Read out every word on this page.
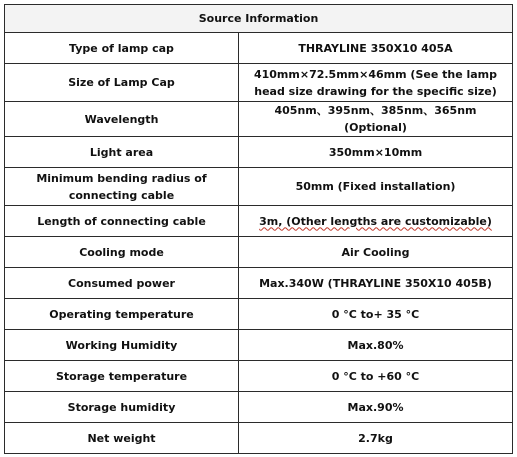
Source Information	
Type of lamp cap	THRAYLINE 350X10 405A
Size of Lamp Cap	410mm×72.5mm×46mm (See the lamp head size drawing for the specific size)
Wavelength	405nm、395nm、385nm、365nm (Optional)
Light area	350mm×10mm
Minimum bending radius of connecting cable	50mm (Fixed installation)
Length of connecting cable	3m, (Other lengths are customizable)
Cooling mode	Air Cooling
Consumed power	Max.340W (THRAYLINE 350X10 405B)
Operating temperature	0 °C to+ 35 °C
Working Humidity	Max.80%
Storage temperature	0 °C to +60 °C
Storage humidity	Max.90%
Net weight	2.7kg
